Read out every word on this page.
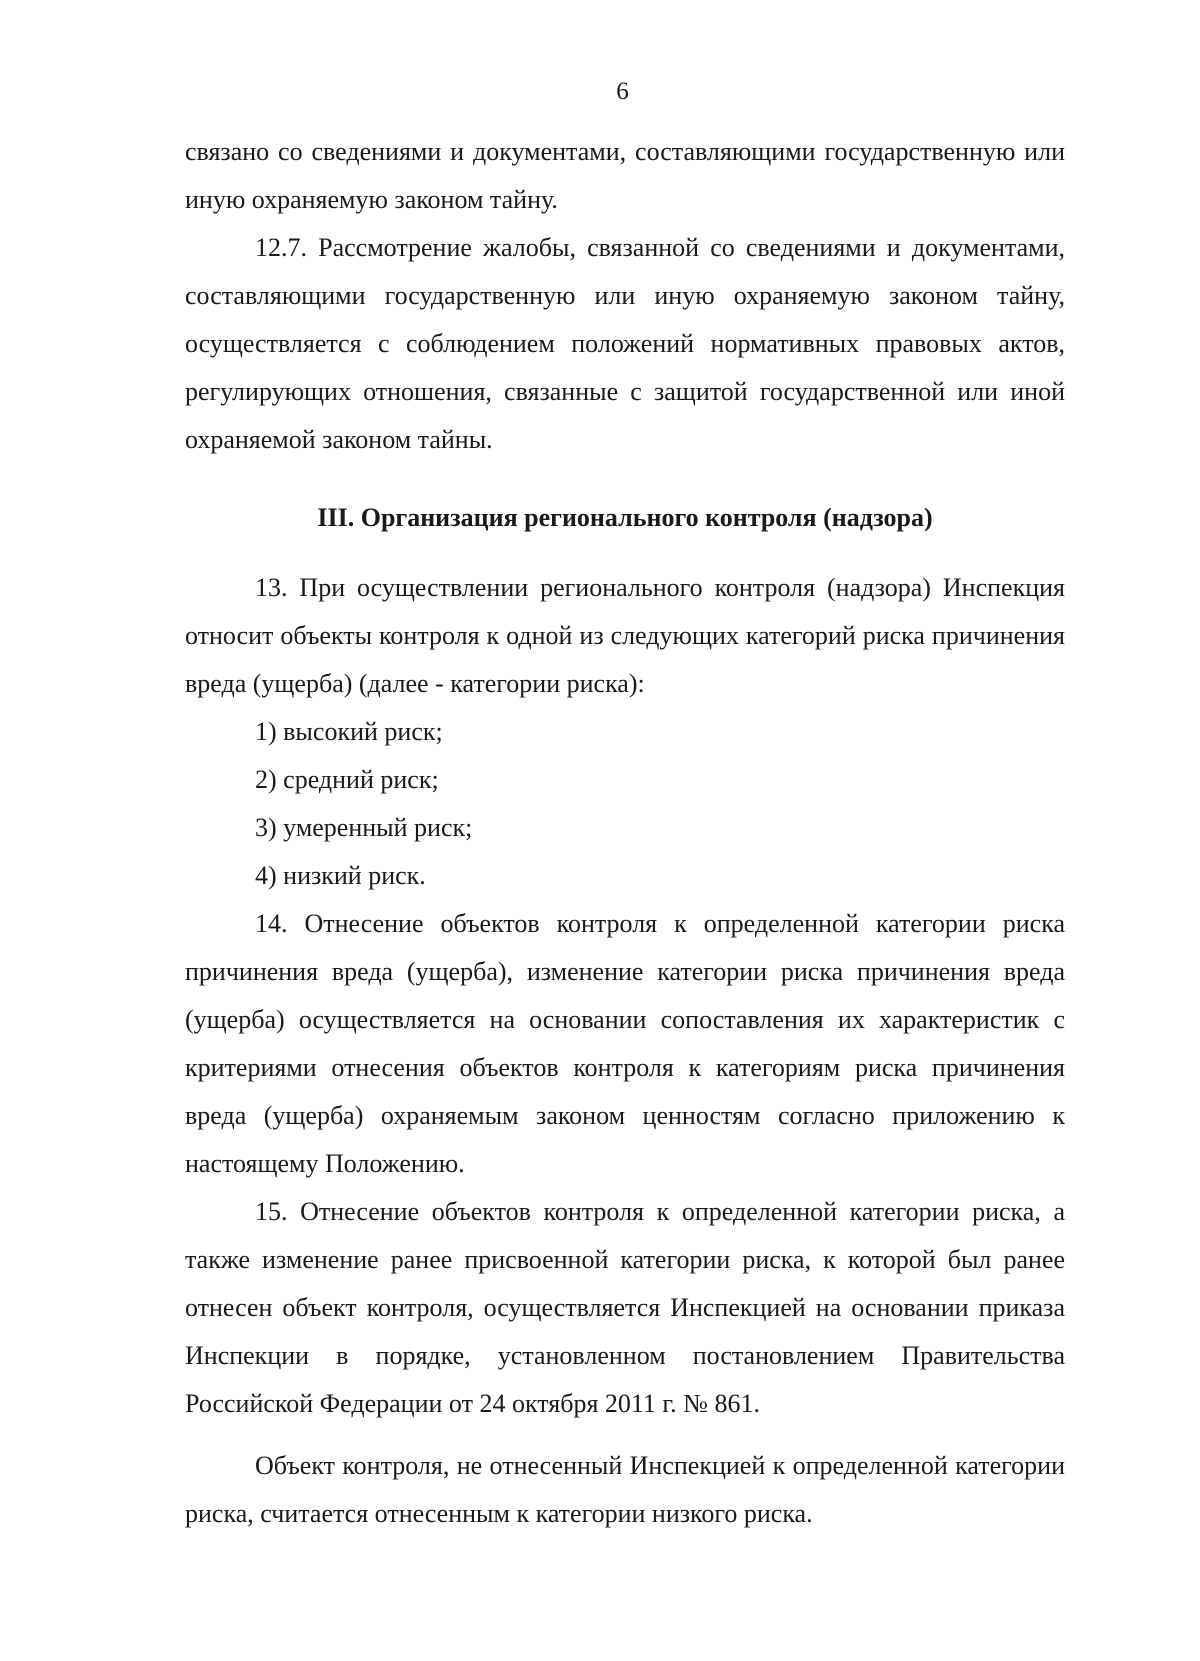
6

связано со сведениями и документами, составляющими государственную или иную охраняемую законом тайну.

12.7. Рассмотрение жалобы, связанной со сведениями и документами, составляющими государственную или иную охраняемую законом тайну, осуществляется с соблюдением положений нормативных правовых актов, регулирующих отношения, связанные с защитой государственной или иной охраняемой законом тайны.

III. Организация регионального контроля (надзора)

13. При осуществлении регионального контроля (надзора) Инспекция относит объекты контроля к одной из следующих категорий риска причинения вреда (ущерба) (далее - категории риска):

1) высокий риск;

2) средний риск;

3) умеренный риск;

4) низкий риск.

14. Отнесение объектов контроля к определенной категории риска причинения вреда (ущерба), изменение категории риска причинения вреда (ущерба) осуществляется на основании сопоставления их характеристик с критериями отнесения объектов контроля к категориям риска причинения вреда (ущерба) охраняемым законом ценностям согласно приложению к настоящему Положению.

15. Отнесение объектов контроля к определенной категории риска, а также изменение ранее присвоенной категории риска, к которой был ранее отнесен объект контроля, осуществляется Инспекцией на основании приказа Инспекции в порядке, установленном постановлением Правительства Российской Федерации от 24 октября 2011 г. № 861.

Объект контроля, не отнесенный Инспекцией к определенной категории риска, считается отнесенным к категории низкого риска.
